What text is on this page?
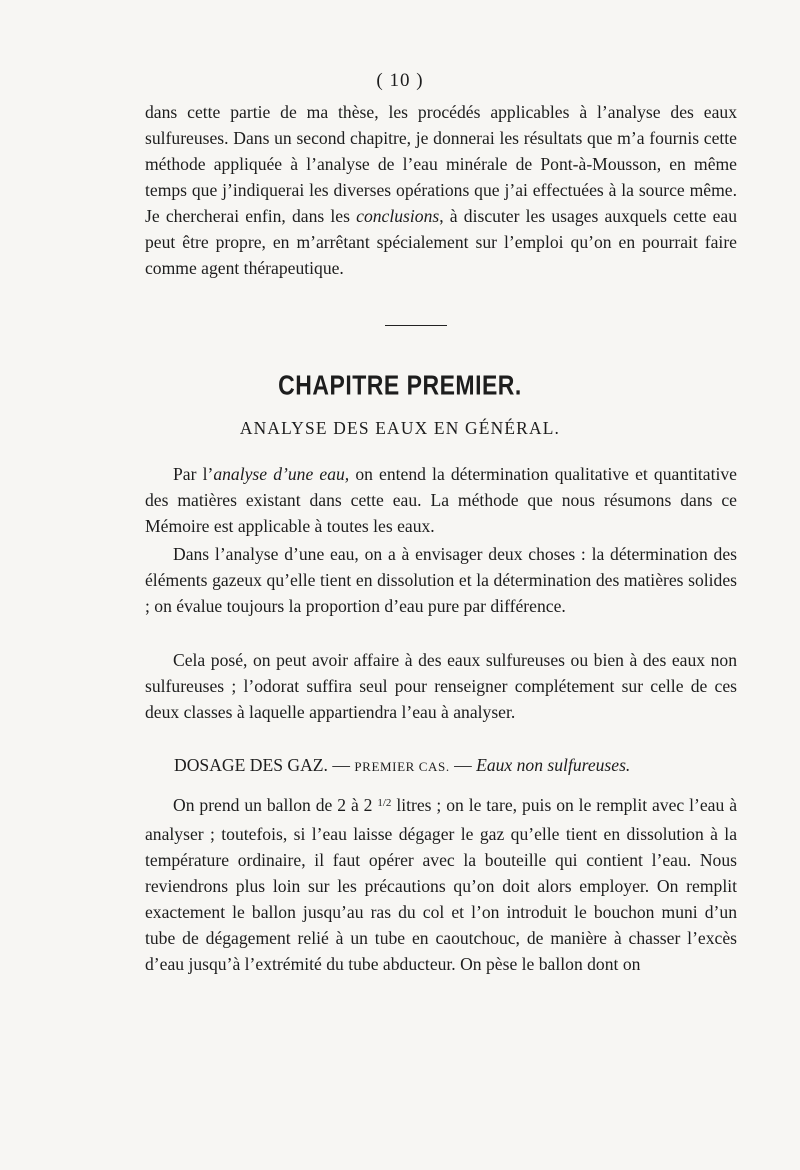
( 10 )

dans cette partie de ma thèse, les procédés applicables à l’analyse des eaux sulfureuses. Dans un second chapitre, je donnerai les résultats que m’a fournis cette méthode appliquée à l’analyse de l’eau minérale de Pont-à-Mousson, en même temps que j’indiquerai les diverses opérations que j’ai effectuées à la source même. Je chercherai enfin, dans les conclusions, à discuter les usages auxquels cette eau peut être propre, en m’arrêtant spécialement sur l’emploi qu’on en pourrait faire comme agent thérapeutique.

CHAPITRE PREMIER.
ANALYSE DES EAUX EN GÉNÉRAL.

Par l’analyse d’une eau, on entend la détermination qualitative et quantitative des matières existant dans cette eau. La méthode que nous résumons dans ce Mémoire est applicable à toutes les eaux.

Dans l’analyse d’une eau, on a à envisager deux choses : la détermination des éléments gazeux qu’elle tient en dissolution et la détermination des matières solides ; on évalue toujours la proportion d’eau pure par différence.

Cela posé, on peut avoir affaire à des eaux sulfureuses ou bien à des eaux non sulfureuses ; l’odorat suffira seul pour renseigner complétement sur celle de ces deux classes à laquelle appartiendra l’eau à analyser.

DOSAGE DES GAZ. — PREMIER CAS. — Eaux non sulfureuses.

On prend un ballon de 2 à 2 $^{1/2}$ litres ; on le tare, puis on le remplit avec l’eau à analyser ; toutefois, si l’eau laisse dégager le gaz qu’elle tient en dissolution à la température ordinaire, il faut opérer avec la bouteille qui contient l’eau. Nous reviendrons plus loin sur les précautions qu’on doit alors employer. On remplit exactement le ballon jusqu’au ras du col et l’on introduit le bouchon muni d’un tube de dégagement relié à un tube en caoutchouc, de manière à chasser l’excès d’eau jusqu’à l’extrémité du tube abducteur. On pèse le ballon dont on
